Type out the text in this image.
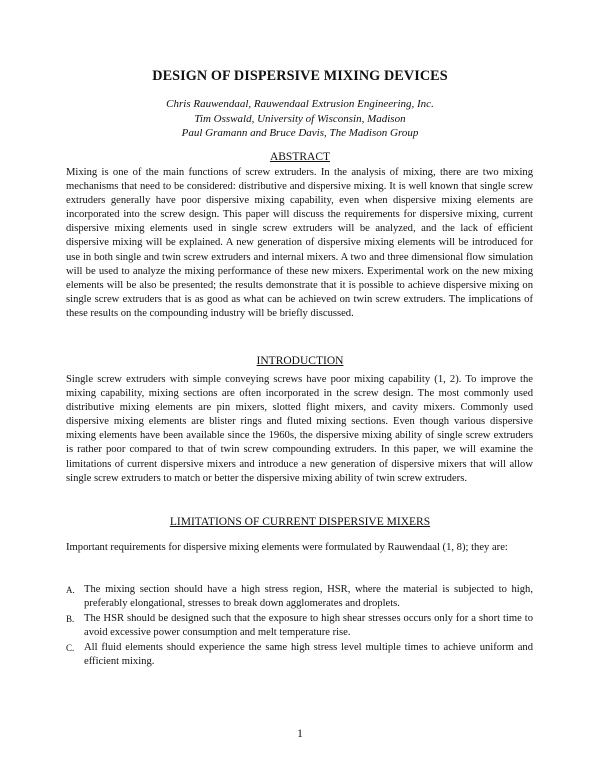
DESIGN OF DISPERSIVE MIXING DEVICES
Chris Rauwendaal, Rauwendaal Extrusion Engineering, Inc.
Tim Osswald, University of Wisconsin, Madison
Paul Gramann and Bruce Davis, The Madison Group
ABSTRACT

Mixing is one of the main functions of screw extruders. In the analysis of mixing, there are two mixing mechanisms that need to be considered: distributive and dispersive mixing. It is well known that single screw extruders generally have poor dispersive mixing capability, even when dispersive mixing elements are incorporated into the screw design. This paper will discuss the requirements for dispersive mixing, current dispersive mixing elements used in single screw extruders will be analyzed, and the lack of efficient dispersive mixing will be explained. A new generation of dispersive mixing elements will be introduced for use in both single and twin screw extruders and internal mixers. A two and three dimensional flow simulation will be used to analyze the mixing performance of these new mixers. Experimental work on the new mixing elements will be also be presented; the results demonstrate that it is possible to achieve dispersive mixing on single screw extruders that is as good as what can be achieved on twin screw extruders. The implications of these results on the compounding industry will be briefly discussed.

INTRODUCTION

Single screw extruders with simple conveying screws have poor mixing capability (1, 2). To improve the mixing capability, mixing sections are often incorporated in the screw design. The most commonly used distributive mixing elements are pin mixers, slotted flight mixers, and cavity mixers. Commonly used dispersive mixing elements are blister rings and fluted mixing sections. Even though various dispersive mixing elements have been available since the 1960s, the dispersive mixing ability of single screw extruders is rather poor compared to that of twin screw compounding extruders. In this paper, we will examine the limitations of current dispersive mixers and introduce a new generation of dispersive mixers that will allow single screw extruders to match or better the dispersive mixing ability of twin screw extruders.

LIMITATIONS OF CURRENT DISPERSIVE MIXERS

Important requirements for dispersive mixing elements were formulated by Rauwendaal (1, 8); they are:

A. The mixing section should have a high stress region, HSR, where the material is subjected to high, preferably elongational, stresses to break down agglomerates and droplets.
B. The HSR should be designed such that the exposure to high shear stresses occurs only for a short time to avoid excessive power consumption and melt temperature rise.
C. All fluid elements should experience the same high stress level multiple times to achieve uniform and efficient mixing.
1
